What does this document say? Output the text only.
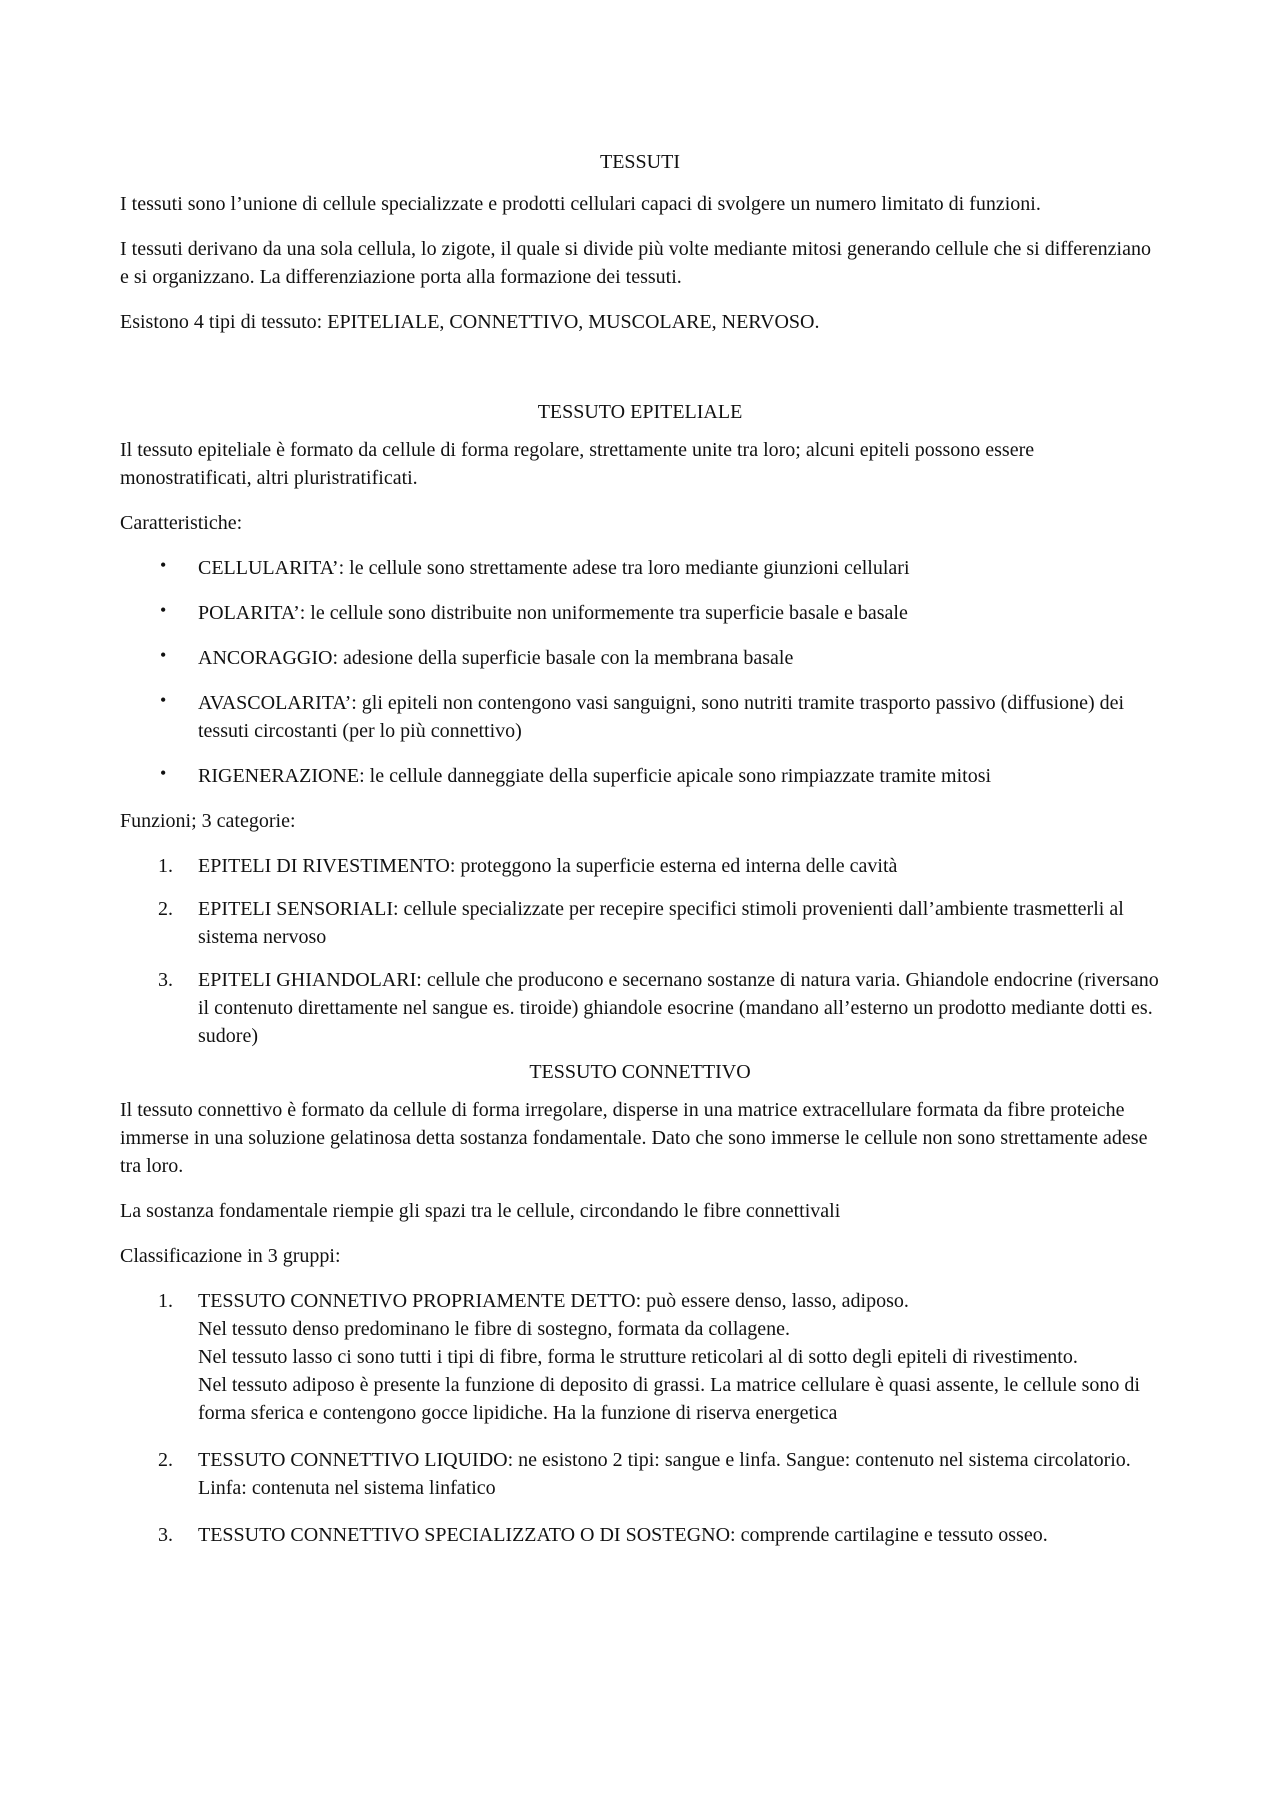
TESSUTI

I tessuti sono l’unione di cellule specializzate e prodotti cellulari capaci di svolgere un numero limitato di funzioni.

I tessuti derivano da una sola cellula, lo zigote, il quale si divide più volte mediante mitosi generando cellule che si differenziano e si organizzano. La differenziazione porta alla formazione dei tessuti.

Esistono 4 tipi di tessuto: EPITELIALE, CONNETTIVO, MUSCOLARE, NERVOSO.

TESSUTO EPITELIALE

Il tessuto epiteliale è formato da cellule di forma regolare, strettamente unite tra loro; alcuni epiteli possono essere monostratificati, altri pluristratificati.

Caratteristiche:

• CELLULARITA’: le cellule sono strettamente adese tra loro mediante giunzioni cellulari
• POLARITA’: le cellule sono distribuite non uniformemente tra superficie basale e basale
• ANCORAGGIO: adesione della superficie basale con la membrana basale
• AVASCOLARITA’: gli epiteli non contengono vasi sanguigni, sono nutriti tramite trasporto passivo (diffusione) dei tessuti circostanti (per lo più connettivo)
• RIGENERAZIONE: le cellule danneggiate della superficie apicale sono rimpiazzate tramite mitosi

Funzioni; 3 categorie:

1. EPITELI DI RIVESTIMENTO: proteggono la superficie esterna ed interna delle cavità
2. EPITELI SENSORIALI: cellule specializzate per recepire specifici stimoli provenienti dall’ambiente trasmetterli al sistema nervoso
3. EPITELI GHIANDOLARI: cellule che producono e secernano sostanze di natura varia. Ghiandole endocrine (riversano il contenuto direttamente nel sangue es. tiroide) ghiandole esocrine (mandano all’esterno un prodotto mediante dotti es. sudore)
TESSUTO CONNETTIVO

Il tessuto connettivo è formato da cellule di forma irregolare, disperse in una matrice extracellulare formata da fibre proteiche immerse in una soluzione gelatinosa detta sostanza fondamentale. Dato che sono immerse le cellule non sono strettamente adese tra loro.

La sostanza fondamentale riempie gli spazi tra le cellule, circondando le fibre connettivali

Classificazione in 3 gruppi:

1. TESSUTO CONNETIVO PROPRIAMENTE DETTO: può essere denso, lasso, adiposo.
Nel tessuto denso predominano le fibre di sostegno, formata da collagene.
Nel tessuto lasso ci sono tutti i tipi di fibre, forma le strutture reticolari al di sotto degli epiteli di rivestimento.
Nel tessuto adiposo è presente la funzione di deposito di grassi. La matrice cellulare è quasi assente, le cellule sono di forma sferica e contengono gocce lipidiche. Ha la funzione di riserva energetica
2. TESSUTO CONNETTIVO LIQUIDO: ne esistono 2 tipi: sangue e linfa. Sangue: contenuto nel sistema circolatorio. Linfa: contenuta nel sistema linfatico
3. TESSUTO CONNETTIVO SPECIALIZZATO O DI SOSTEGNO: comprende cartilagine e tessuto osseo.
